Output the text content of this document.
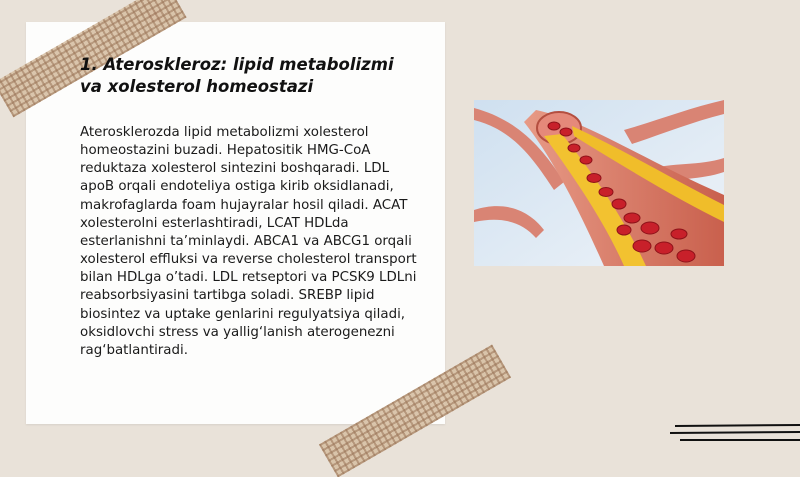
1. Ateroskleroz: lipid metabolizmi va xolesterol homeostazi

Aterosklerozda lipid metabolizmi xolesterol homeostazini buzadi. Hepatositik HMG-CoA reduktaza xolesterol sintezini boshqaradi. LDL apoB orqali endoteliya ostiga kirib oksidlanadi, makrofaglarda foam hujayralar hosil qiladi. ACAT xolesterolni esterlashtiradi, LCAT HDLda esterlanishni ta’minlaydi. ABCA1 va ABCG1 orqali xolesterol effluksi va reverse cholesterol transport bilan HDLga o’tadi. LDL retseptori va PCSK9 LDLni reabsorbsiyasini tartibga soladi. SREBP lipid biosintez va uptake genlarini regulyatsiya qiladi, oksidlovchi stress va yallig‘lanish aterogenezni rag‘batlantiradi.
